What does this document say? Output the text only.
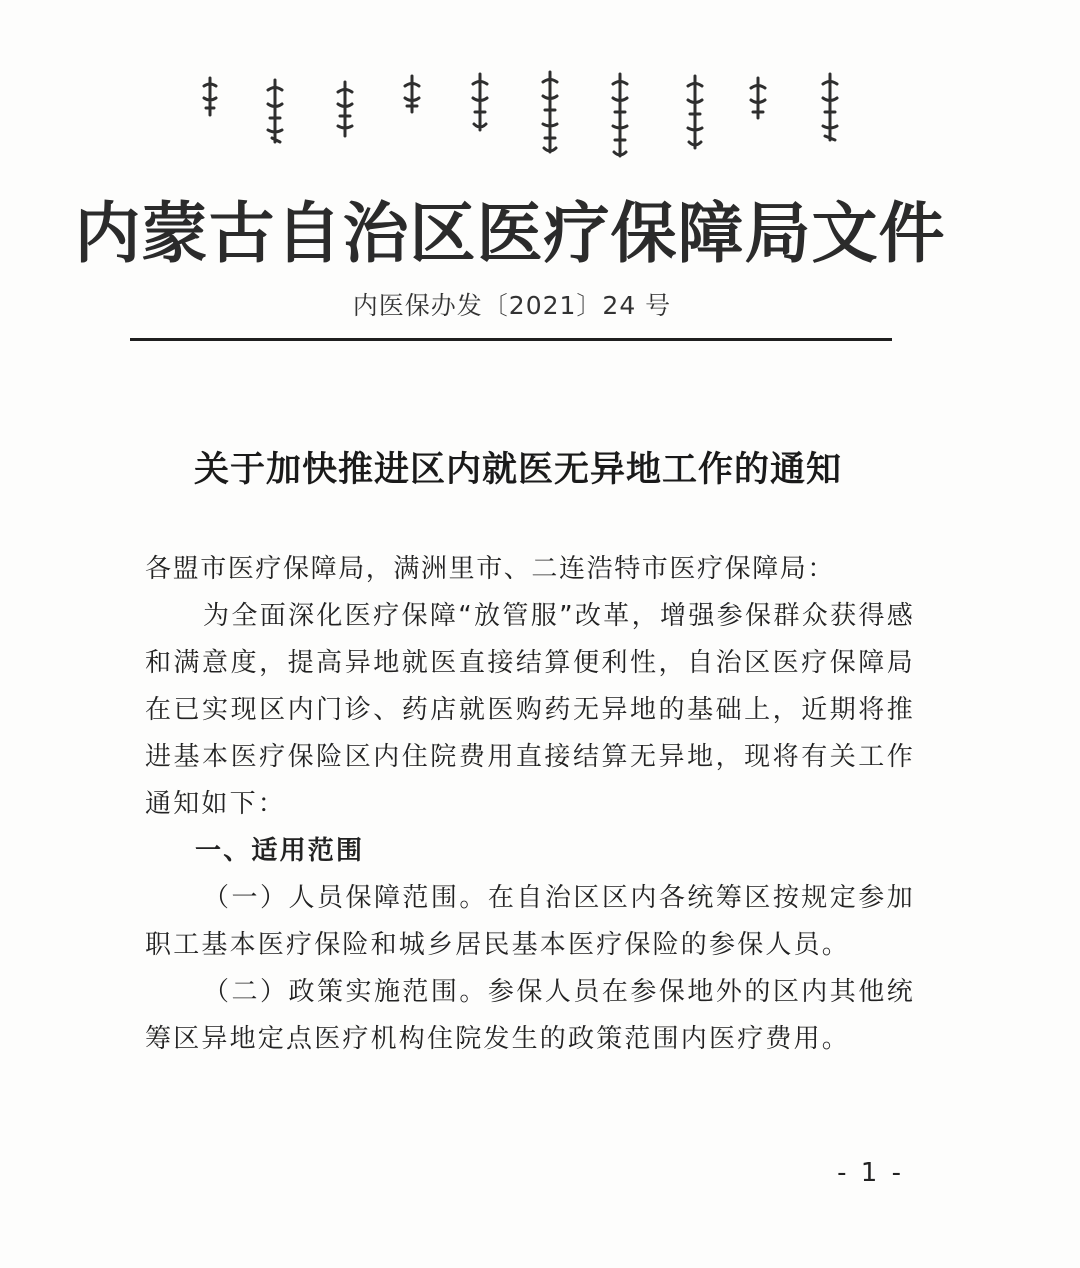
内蒙古自治区医疗保障局文件
内医保办发〔2021〕24 号
关于加快推进区内就医无异地工作的通知

各盟市医疗保障局，满洲里市、二连浩特市医疗保障局：

为全面深化医疗保障“放管服”改革，增强参保群众获得感和满意度，提高异地就医直接结算便利性，自治区医疗保障局在已实现区内门诊、药店就医购药无异地的基础上，近期将推进基本医疗保险区内住院费用直接结算无异地，现将有关工作通知如下：

一、适用范围

（一）人员保障范围。在自治区区内各统筹区按规定参加职工基本医疗保险和城乡居民基本医疗保险的参保人员。

（二）政策实施范围。参保人员在参保地外的区内其他统筹区异地定点医疗机构住院发生的政策范围内医疗费用。

- 1 -
